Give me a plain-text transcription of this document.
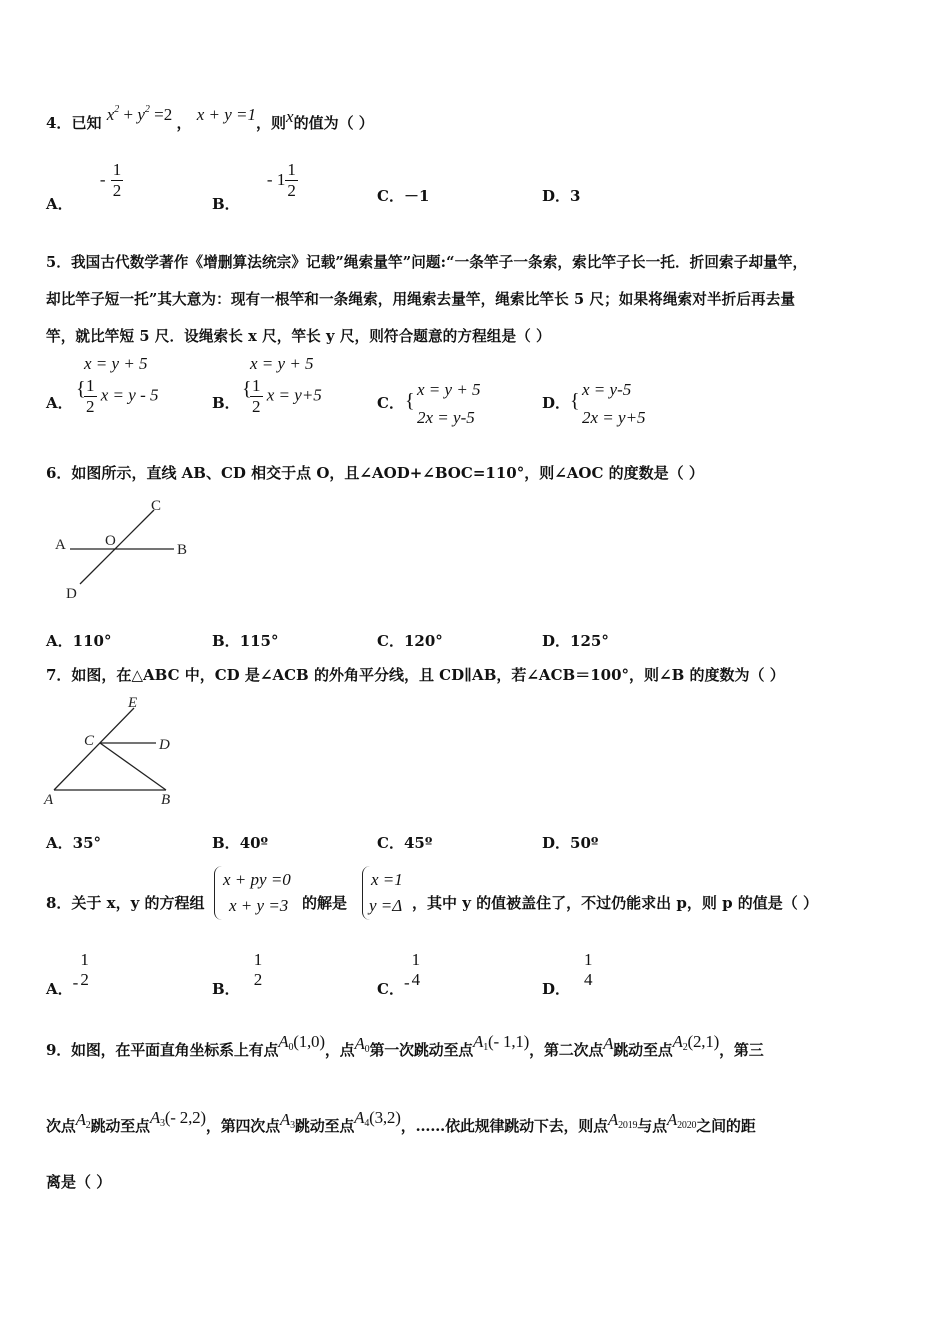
4．已知 $x^2 + y^2 =2$ ， x + y =1，则x的值为（ ）
A． - $\frac{1}{2}$
B． - $1 \frac{1}{2}$	C．－1	D．3
5．我国古代数学著作《增删算法统宗》记载”绳索量竿”问题:“一条竿子一条索，索比竿子长一托．折回索子却量竿，
却比竿子短一托”其大意为：现有一根竿和一条绳索，用绳索去量竿，绳索比竿长 5 尺；如果将绳索对半折后再去量
竿，就比竿短 5 尺．设绳索长 x 尺，竿长 y 尺，则符合题意的方程组是（ ）
A．
x = y + 5
{
$\frac{1}{2}$ x = y - 5	B．
x = y + 5
{
$\frac{1}{2}$ x = y+5	C． {
x = y + 5
2x = y-5
D． {
x = y-5
2x = y+5
6．如图所示，直线 AB、CD 相交于点 O，且∠AOD+∠BOC=110°，则∠AOC 的度数是（ ）
A	O
B
C
D
A．110°	B．115°	C．120°	D．125°
7．如图，在△ABC 中，CD 是∠ACB 的外角平分线，且 CD∥AB，若∠ACB＝100°，则∠B 的度数为（ ）
E
C	D
A	B
A．35°	B．40º	C．45º	D．50º
8．关于 x，y 的方程组
x + py =0
x + y =3 的解是
x =1
y =Δ ，其中 y 的值被盖住了，不过仍能求出 p，则 p 的值是（ ）
A．-
1
2	B．
1
2	C．-
1
4	D．
1
4
9．如图，在平面直角坐标系上有点$A_0(1,0)$，点$A_0$第一次跳动至点$A_1(-$ 1,1)，第二次点A跳动至点$A_2(2,1)$，第三
次点$A_2$跳动至点$A_3(-$ 2,2)，第四次点$A_3$跳动至点$A_4(3,2)$，……依此规律跳动下去，则点$A_{2019}$与点$A_{2020}$之间的距
离是（ ）
